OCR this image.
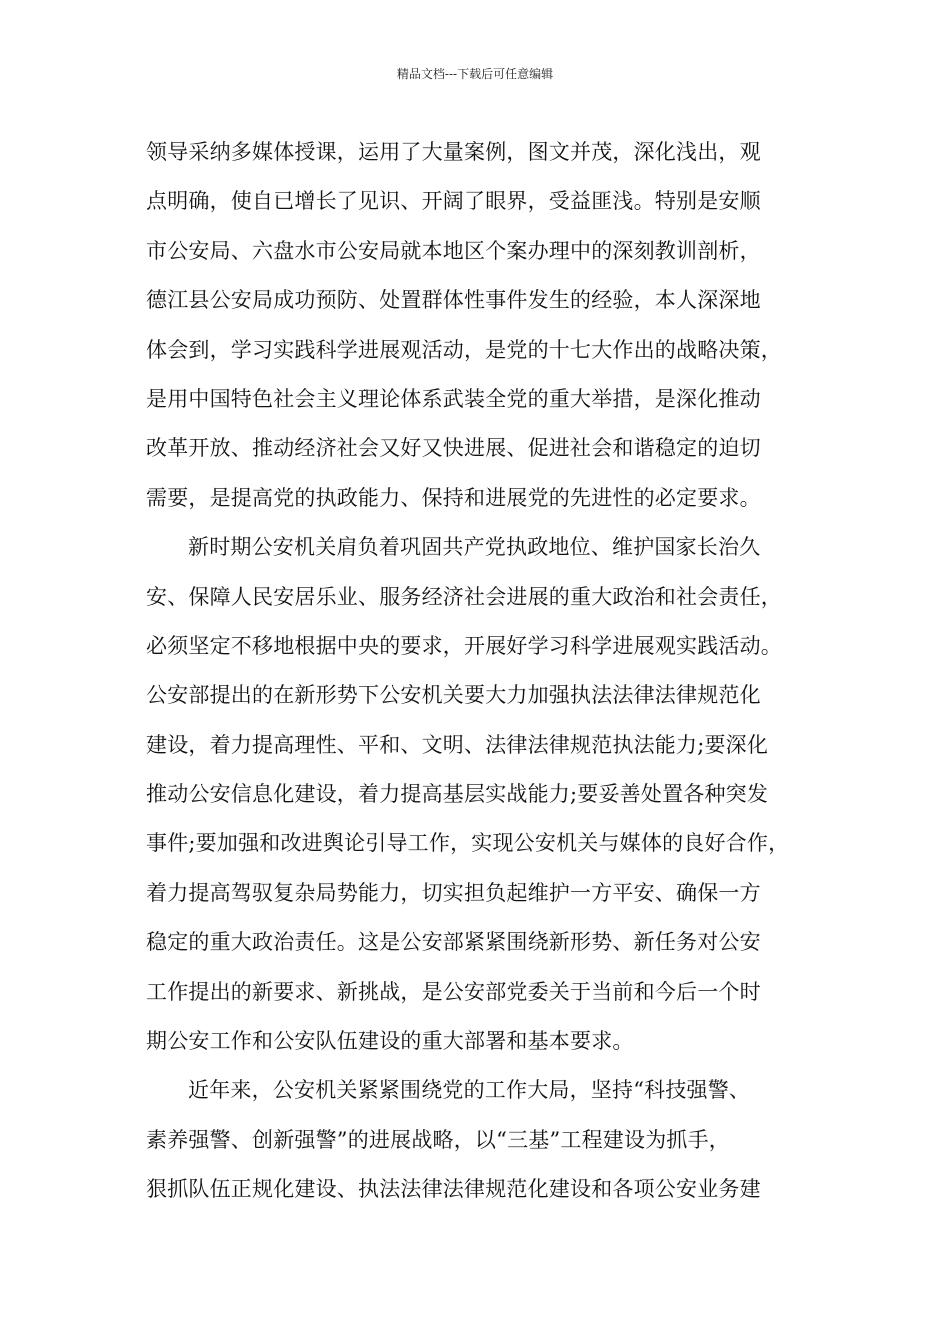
精品文档---下载后可任意编辑
领导采纳多媒体授课，运用了大量案例，图文并茂，深化浅出，观
点明确，使自已增长了见识、开阔了眼界，受益匪浅。特别是安顺
市公安局、六盘水市公安局就本地区个案办理中的深刻教训剖析，
德江县公安局成功预防、处置群体性事件发生的经验，本人深深地
体会到，学习实践科学进展观活动，是党的十七大作出的战略决策，
是用中国特色社会主义理论体系武装全党的重大举措，是深化推动
改革开放、推动经济社会又好又快进展、促进社会和谐稳定的迫切
需要，是提高党的执政能力、保持和进展党的先进性的必定要求。
新时期公安机关肩负着巩固共产党执政地位、维护国家长治久
安、保障人民安居乐业、服务经济社会进展的重大政治和社会责任，
必须坚定不移地根据中央的要求，开展好学习科学进展观实践活动。
公安部提出的在新形势下公安机关要大力加强执法法律法律规范化
建设，着力提高理性、平和、文明、法律法律规范执法能力;要深化
推动公安信息化建设，着力提高基层实战能力;要妥善处置各种突发
事件;要加强和改进舆论引导工作，实现公安机关与媒体的良好合作，
着力提高驾驭复杂局势能力，切实担负起维护一方平安、确保一方
稳定的重大政治责任。这是公安部紧紧围绕新形势、新任务对公安
工作提出的新要求、新挑战，是公安部党委关于当前和今后一个时
期公安工作和公安队伍建设的重大部署和基本要求。
近年来，公安机关紧紧围绕党的工作大局，坚持“科技强警、
素养强警、创新强警”的进展战略，以“三基”工程建设为抓手，
狠抓队伍正规化建设、执法法律法律规范化建设和各项公安业务建
